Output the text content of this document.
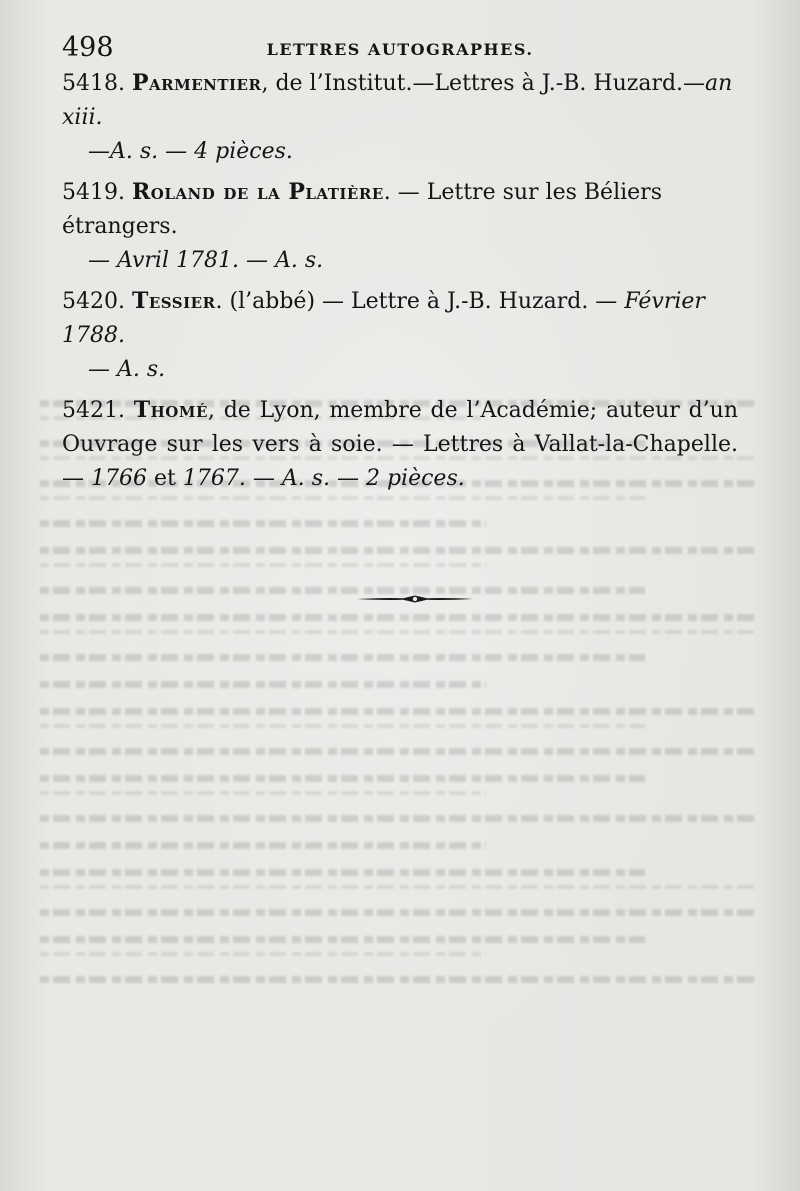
498	LETTRES AUTOGRAPHES.
5418. Parmentier, de l’Institut.—Lettres à J.-B. Huzard.—an xiii.
—A. s. — 4 pièces.
5419. Roland de la Platière. — Lettre sur les Béliers étrangers.
— Avril 1781. — A. s.
5420. Tessier. (l’abbé) — Lettre à J.-B. Huzard. — Février 1788.
— A. s.
5421. Thomé, de Lyon, membre de l’Académie; auteur d’un Ouvrage sur les vers à soie. — Lettres à Vallat-la-Chapelle. — 1766 et 1767. — A. s. — 2 pièces.
